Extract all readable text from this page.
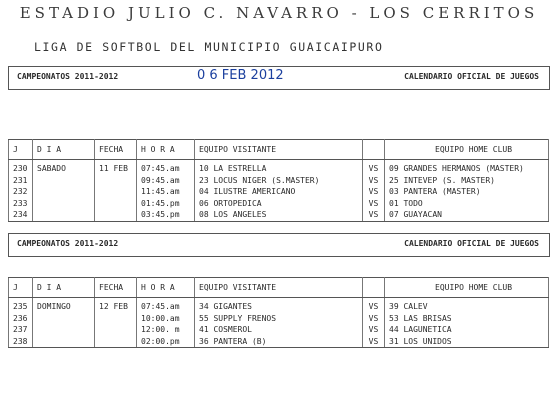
ESTADIO JULIO C. NAVARRO - LOS CERRITOS
LIGA DE SOFTBOL DEL MUNICIPIO GUAICAIPURO
CAMPEONATOS 2011-2012	0 6 FEB 2012	CALENDARIO OFICIAL DE JUEGOS
J	D I A	FECHA	H O R A	EQUIPO VISITANTE		EQUIPO HOME CLUB
230	SABADO	11 FEB	07:45.am	10 LA ESTRELLA	VS	09 GRANDES HERMANOS (MASTER)
231			09:45.am	23 LOCUS NIGER (S.MASTER)	VS	25 INTEVEP (S. MASTER)
232			11:45.am	04 ILUSTRE AMERICANO	VS	03 PANTERA (MASTER)
233			01:45.pm	06 ORTOPEDICA	VS	01 TODO
234			03:45.pm	08 LOS ANGELES	VS	07 GUAYACAN
CAMPEONATOS 2011-2012	CALENDARIO OFICIAL DE JUEGOS
J	D I A	FECHA	H O R A	EQUIPO VISITANTE		EQUIPO HOME CLUB
235	DOMINGO	12 FEB	07:45.am	34 GIGANTES	VS	39 CALEV
236			10:00.am	55 SUPPLY FRENOS	VS	53 LAS BRISAS
237			12:00. m	41 COSMEROL	VS	44 LAGUNETICA
238			02:00.pm	36 PANTERA (B)	VS	31 LOS UNIDOS
